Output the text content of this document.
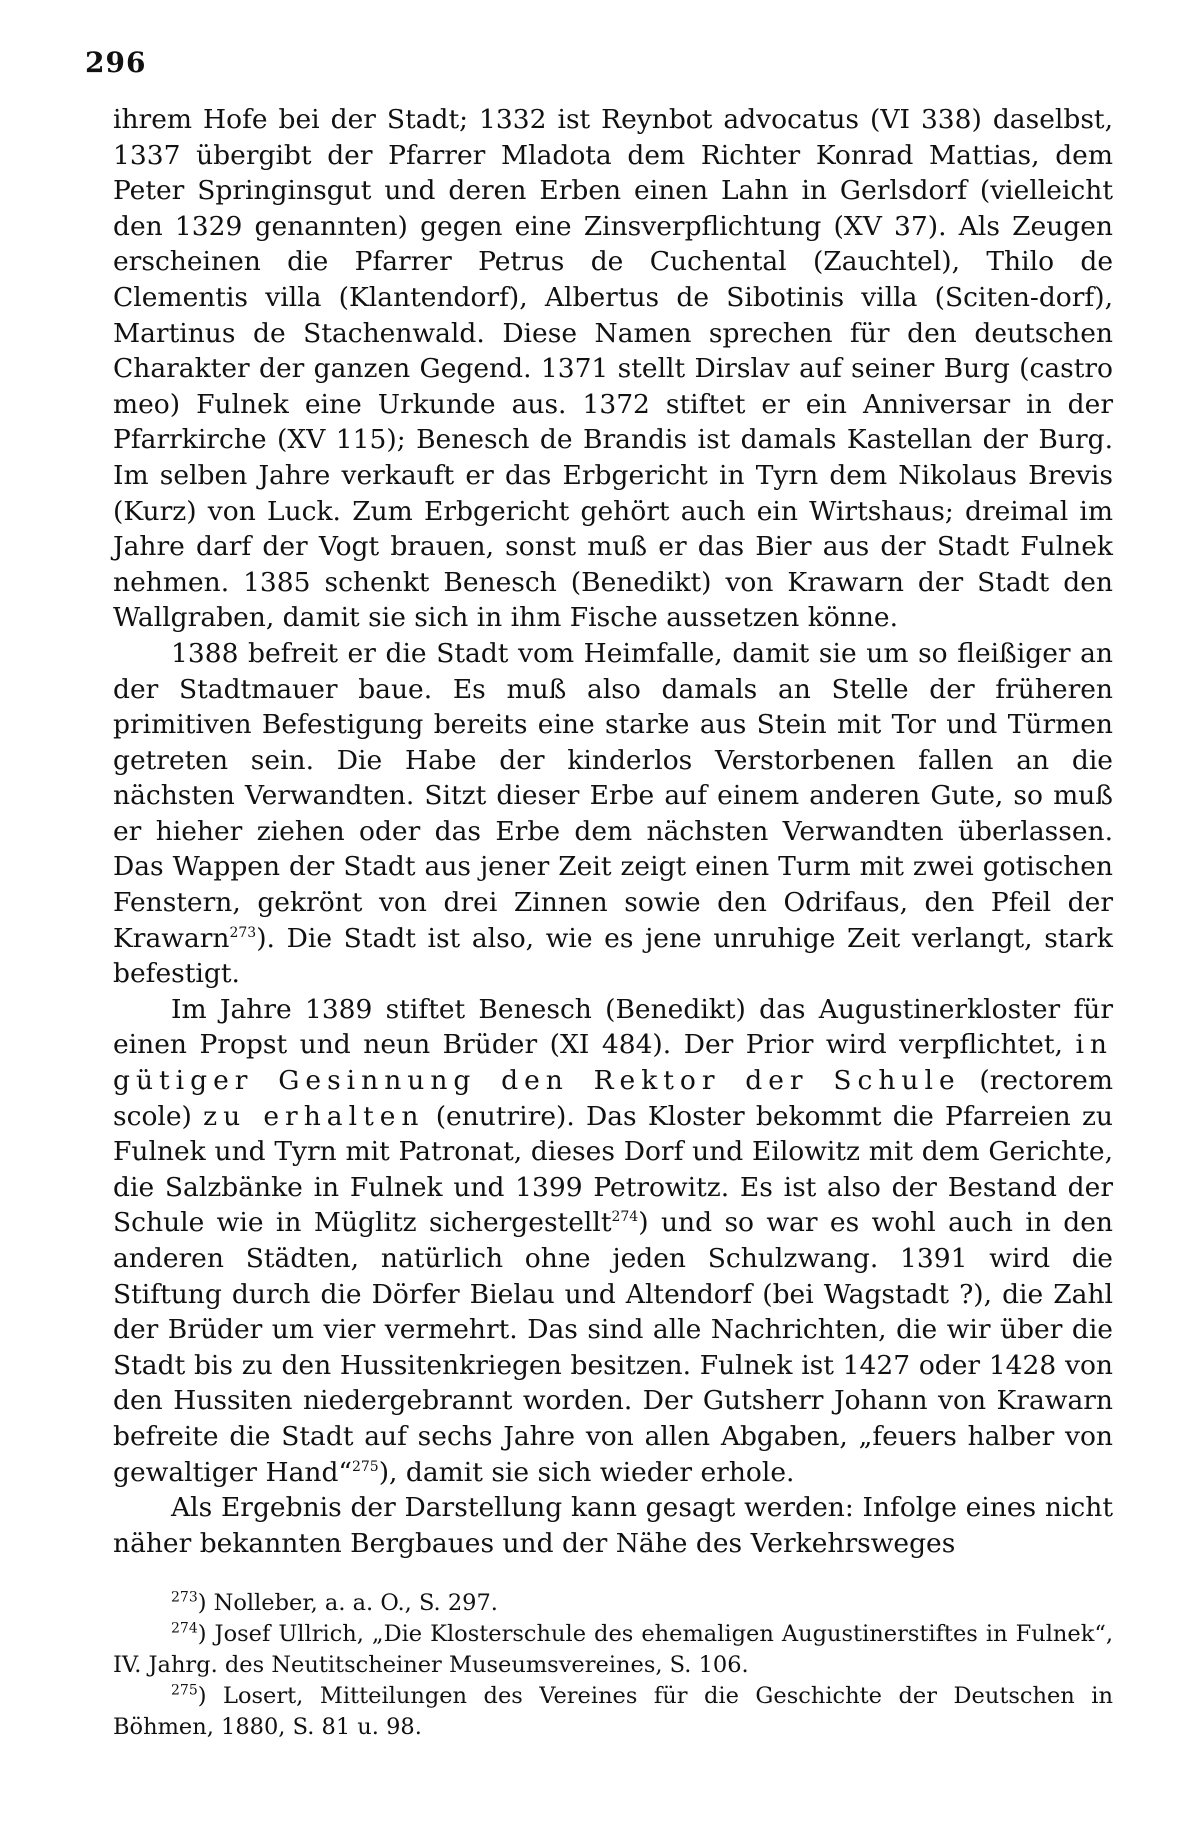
296

ihrem Hofe bei der Stadt; 1332 ist Reynbot advocatus (VI 338) daselbst, 1337 übergibt der Pfarrer Mladota dem Richter Konrad Mattias, dem Peter Springinsgut und deren Erben einen Lahn in Gerlsdorf (vielleicht den 1329 genannten) gegen eine Zinsverpflichtung (XV 37). Als Zeugen erscheinen die Pfarrer Petrus de Cuchental (Zauchtel), Thilo de Clementis villa (Klantendorf), Albertus de Sibotinis villa (Sciten-dorf), Martinus de Stachenwald. Diese Namen sprechen für den deutschen Charakter der ganzen Gegend. 1371 stellt Dirslav auf seiner Burg (castro meo) Fulnek eine Urkunde aus. 1372 stiftet er ein Anniversar in der Pfarrkirche (XV 115); Benesch de Brandis ist damals Kastellan der Burg. Im selben Jahre verkauft er das Erbgericht in Tyrn dem Nikolaus Brevis (Kurz) von Luck. Zum Erbgericht gehört auch ein Wirtshaus; dreimal im Jahre darf der Vogt brauen, sonst muß er das Bier aus der Stadt Fulnek nehmen. 1385 schenkt Benesch (Benedikt) von Krawarn der Stadt den Wallgraben, damit sie sich in ihm Fische aussetzen könne.

1388 befreit er die Stadt vom Heimfalle, damit sie um so fleißiger an der Stadtmauer baue. Es muß also damals an Stelle der früheren primitiven Befestigung bereits eine starke aus Stein mit Tor und Türmen getreten sein. Die Habe der kinderlos Verstorbenen fallen an die nächsten Verwandten. Sitzt dieser Erbe auf einem anderen Gute, so muß er hieher ziehen oder das Erbe dem nächsten Verwandten überlassen. Das Wappen der Stadt aus jener Zeit zeigt einen Turm mit zwei gotischen Fenstern, gekrönt von drei Zinnen sowie den Odrifaus, den Pfeil der Krawarn$^{273}$). Die Stadt ist also, wie es jene unruhige Zeit verlangt, stark befestigt.

Im Jahre 1389 stiftet Benesch (Benedikt) das Augustinerkloster für einen Propst und neun Brüder (XI 484). Der Prior wird verpflichtet, in gütiger Gesinnung den Rektor der Schule (rectorem scole) zu erhalten (enutrire). Das Kloster bekommt die Pfarreien zu Fulnek und Tyrn mit Patronat, dieses Dorf und Eilowitz mit dem Gerichte, die Salzbänke in Fulnek und 1399 Petrowitz. Es ist also der Bestand der Schule wie in Müglitz sichergestellt$^{274}$) und so war es wohl auch in den anderen Städten, natürlich ohne jeden Schulzwang. 1391 wird die Stiftung durch die Dörfer Bielau und Altendorf (bei Wagstadt ?), die Zahl der Brüder um vier vermehrt. Das sind alle Nachrichten, die wir über die Stadt bis zu den Hussitenkriegen besitzen. Fulnek ist 1427 oder 1428 von den Hussiten niedergebrannt worden. Der Gutsherr Johann von Krawarn befreite die Stadt auf sechs Jahre von allen Abgaben, „feuers halber von gewaltiger Hand“$^{275}$), damit sie sich wieder erhole.

Als Ergebnis der Darstellung kann gesagt werden: Infolge eines nicht näher bekannten Bergbaues und der Nähe des Verkehrsweges

$^{273}$) Nolleber, a. a. O., S. 297.

$^{274}$) Josef Ullrich, „Die Klosterschule des ehemaligen Augustinerstiftes in Fulnek“, IV. Jahrg. des Neutitscheiner Museumsvereines, S. 106.

$^{275}$) Losert, Mitteilungen des Vereines für die Geschichte der Deutschen in Böhmen, 1880, S. 81 u. 98.
